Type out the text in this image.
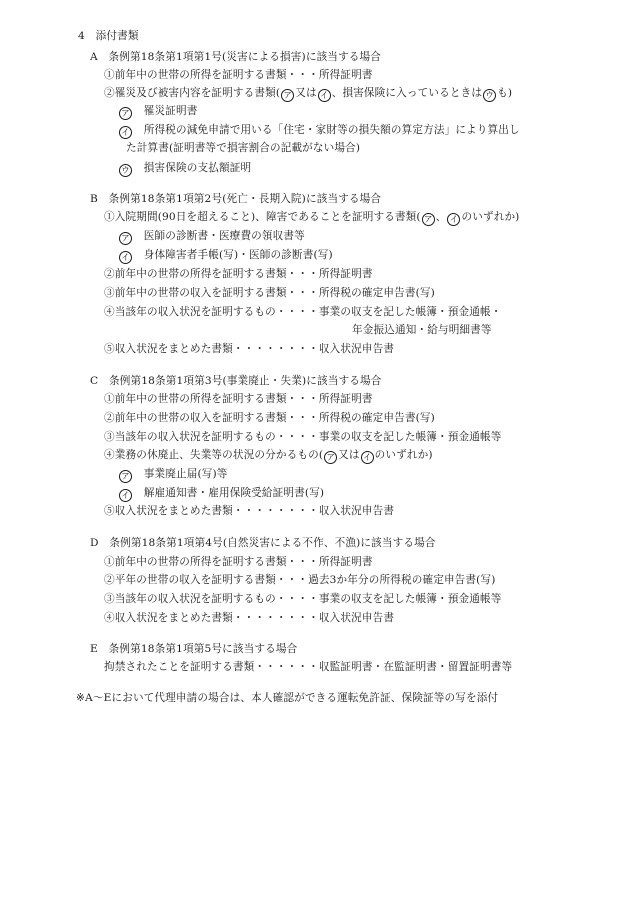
4　添付書類
A　条例第18条第1項第1号(災害による損害)に該当する場合
①前年中の世帯の所得を証明する書類・・・所得証明書
②罹災及び被害内容を証明する書類( ア 又は イ 、損害保険に入っているときは ウ も)
ア　 罹災証明書
イ　 所得税の減免申請で用いる「住宅・家財等の損失額の算定方法」により算出し
た計算書(証明書等で損害割合の記載がない場合)
ウ　 損害保険の支払額証明
B　条例第18条第1項第2号(死亡・長期入院)に該当する場合
①入院期間(90日を超えること)、障害であることを証明する書類( ア 、 イ のいずれか)
ア　 医師の診断書・医療費の領収書等
イ　 身体障害者手帳(写)・医師の診断書(写)
②前年中の世帯の所得を証明する書類・・・所得証明書
③前年中の世帯の収入を証明する書類・・・所得税の確定申告書(写)
④当該年の収入状況を証明するもの・・・・事業の収支を記した帳簿・預金通帳・
年金振込通知・給与明細書等
⑤収入状況をまとめた書類・・・・・・・・収入状況申告書
C　条例第18条第1項第3号(事業廃止・失業)に該当する場合
①前年中の世帯の所得を証明する書類・・・所得証明書
②前年中の世帯の収入を証明する書類・・・所得税の確定申告書(写)
③当該年の収入状況を証明するもの・・・・事業の収支を記した帳簿・預金通帳等
④業務の休廃止、失業等の状況の分かるもの( ア 又は イ のいずれか)
ア　 事業廃止届(写)等
イ　 解雇通知書・雇用保険受給証明書(写)
⑤収入状況をまとめた書類・・・・・・・・収入状況申告書
D　条例第18条第1項第4号(自然災害による不作、不漁)に該当する場合
①前年中の世帯の所得を証明する書類・・・所得証明書
②平年の世帯の収入を証明する書類・・・過去3か年分の所得税の確定申告書(写)
③当該年の収入状況を証明するもの・・・・事業の収支を記した帳簿・預金通帳等
④収入状況をまとめた書類・・・・・・・・収入状況申告書
E　条例第18条第1項第5号に該当する場合
拘禁されたことを証明する書類・・・・・・収監証明書・在監証明書・留置証明書等
※A～Eにおいて代理申請の場合は、本人確認ができる運転免許証、保険証等の写を添付
